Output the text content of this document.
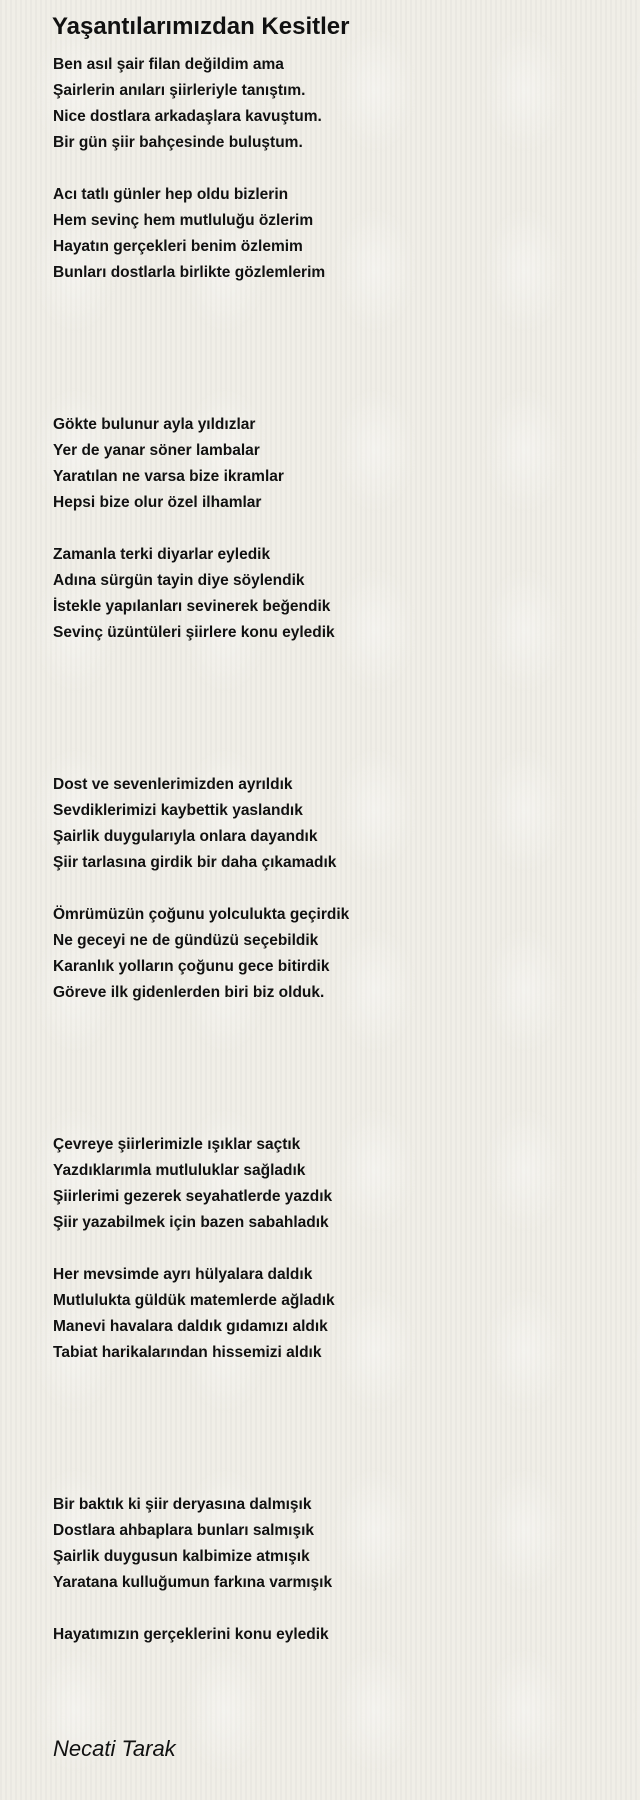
Yaşantılarımızdan Kesitler
Ben asıl şair filan değildim ama
Şairlerin anıları şiirleriyle tanıştım.
Nice dostlara arkadaşlara kavuştum.
Bir gün şiir bahçesinde buluştum.
Acı tatlı günler hep oldu bizlerin
Hem sevinç hem mutluluğu özlerim
Hayatın gerçekleri benim özlemim
Bunları dostlarla birlikte gözlemlerim
Gökte bulunur ayla yıldızlar
Yer de yanar söner lambalar
Yaratılan ne varsa bize ikramlar
Hepsi bize olur özel ilhamlar
Zamanla terki diyarlar eyledik
Adına sürgün tayin diye söylendik
İstekle yapılanları sevinerek beğendik
Sevinç üzüntüleri şiirlere konu eyledik
Dost ve sevenlerimizden ayrıldık
Sevdiklerimizi kaybettik yaslandık
Şairlik duygularıyla onlara dayandık
Şiir tarlasına girdik bir daha çıkamadık
Ömrümüzün çoğunu yolculukta geçirdik
Ne geceyi ne de gündüzü seçebildik
Karanlık yolların çoğunu gece bitirdik
Göreve ilk gidenlerden biri biz olduk.
Çevreye şiirlerimizle ışıklar saçtık
Yazdıklarımla mutluluklar sağladık
Şiirlerimi gezerek seyahatlerde yazdık
Şiir yazabilmek için bazen sabahladık
Her mevsimde ayrı hülyalara daldık
Mutlulukta güldük matemlerde ağladık
Manevi havalara daldık gıdamızı aldık
Tabiat harikalarından hissemizi aldık
Bir baktık ki şiir deryasına dalmışık
Dostlara ahbaplara bunları salmışık
Şairlik duygusun kalbimize atmışık
Yaratana kulluğumun farkına varmışık
Hayatımızın gerçeklerini konu eyledik
Necati Tarak
